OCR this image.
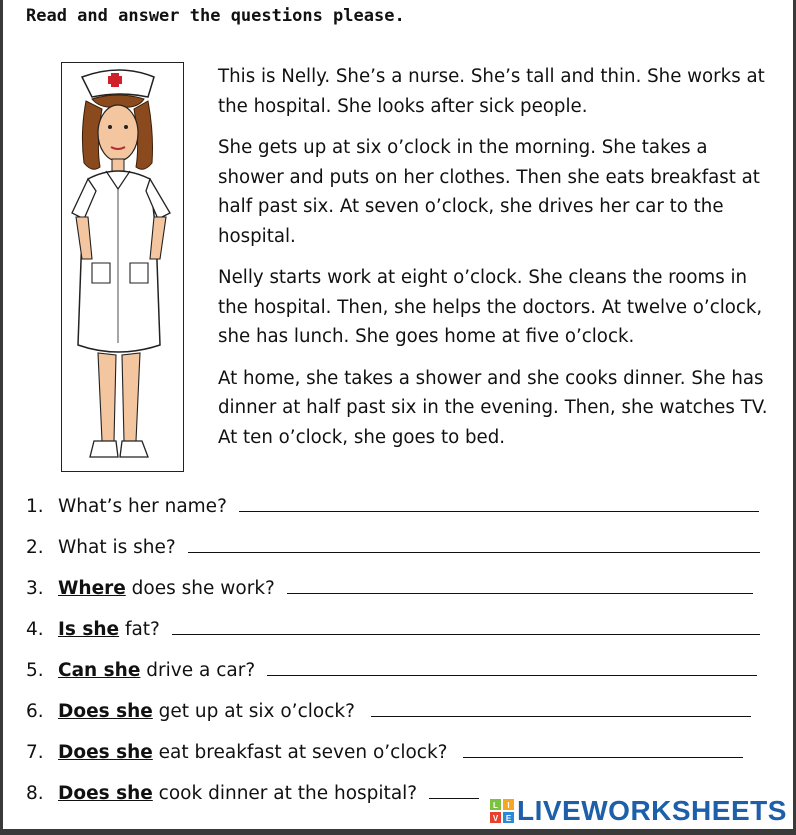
Read and answer the questions please.

This is Nelly. She’s a nurse. She’s tall and thin. She works at the hospital. She looks after sick people.

She gets up at six o’clock in the morning. She takes a shower and puts on her clothes. Then she eats breakfast at half past six. At seven o’clock, she drives her car to the hospital.

Nelly starts work at eight o’clock. She cleans the rooms in the hospital. Then, she helps the doctors. At twelve o’clock, she has lunch. She goes home at five o’clock.

At home, she takes a shower and she cooks dinner. She has dinner at half past six in the evening. Then, she watches TV. At ten o’clock, she goes to bed.

1. What’s her name?
2. What is she?
3. Where does she work?
4. Is she fat?
5. Can she drive a car?
6. Does she get up at six o’clock?
7. Does she eat breakfast at seven o’clock?
8. Does she cook dinner at the hospital?
L I
V E LIVEWORKSHEETS
